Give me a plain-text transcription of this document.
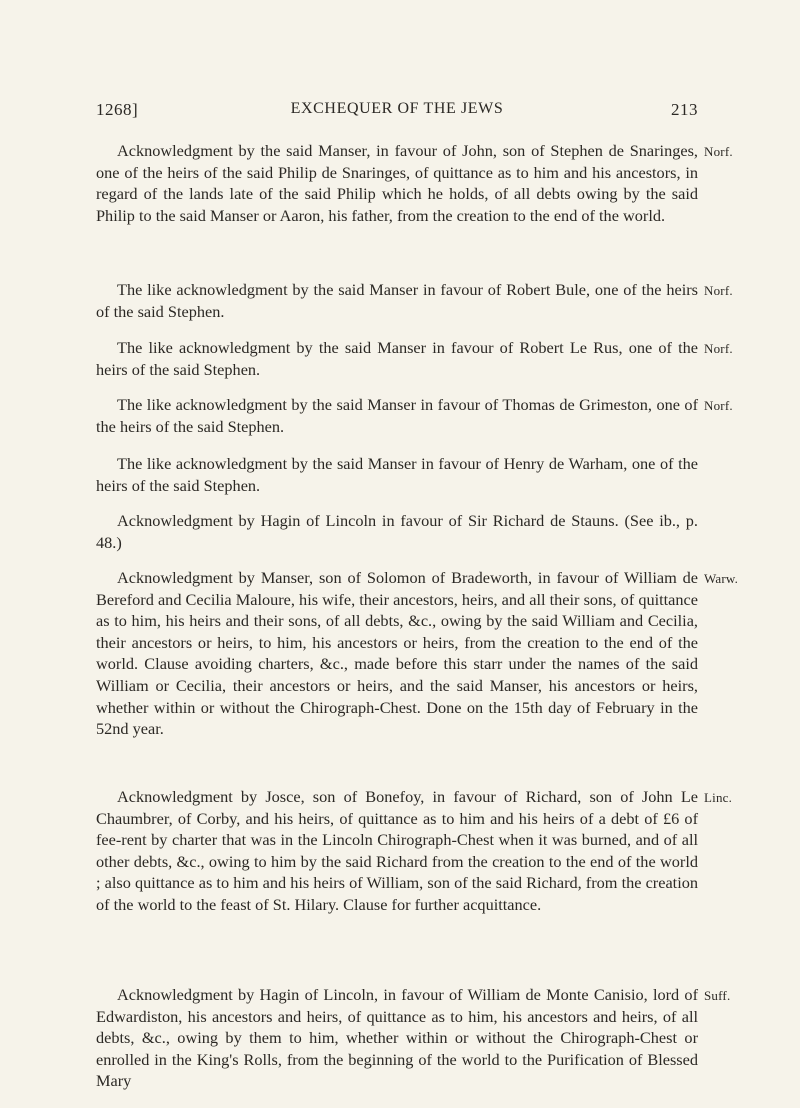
1268]	EXCHEQUER OF THE JEWS	213
Acknowledgment by the said Manser, in favour of John, son of Stephen de Snaringes, one of the heirs of the said Philip de Snaringes, of quittance as to him and his ancestors, in regard of the lands late of the said Philip which he holds, of all debts owing by the said Philip to the said Manser or Aaron, his father, from the creation to the end of the world.
Norf.
The like acknowledgment by the said Manser in favour of Robert Bule, one of the heirs of the said Stephen.
Norf.
The like acknowledgment by the said Manser in favour of Robert Le Rus, one of the heirs of the said Stephen.
Norf.
The like acknowledgment by the said Manser in favour of Thomas de Grimeston, one of the heirs of the said Stephen.
Norf.
The like acknowledgment by the said Manser in favour of Henry de Warham, one of the heirs of the said Stephen.
Acknowledgment by Hagin of Lincoln in favour of Sir Richard de Stauns. (See ib., p. 48.)
Acknowledgment by Manser, son of Solomon of Bradeworth, in favour of William de Bereford and Cecilia Maloure, his wife, their ancestors, heirs, and all their sons, of quittance as to him, his heirs and their sons, of all debts, &c., owing by the said William and Cecilia, their ancestors or heirs, to him, his ancestors or heirs, from the creation to the end of the world. Clause avoiding charters, &c., made before this starr under the names of the said William or Cecilia, their ancestors or heirs, and the said Manser, his ancestors or heirs, whether within or without the Chirograph-Chest. Done on the 15th day of February in the 52nd year.
Warw.
Acknowledgment by Josce, son of Bonefoy, in favour of Richard, son of John Le Chaumbrer, of Corby, and his heirs, of quittance as to him and his heirs of a debt of £6 of fee-rent by charter that was in the Lincoln Chirograph-Chest when it was burned, and of all other debts, &c., owing to him by the said Richard from the creation to the end of the world ; also quittance as to him and his heirs of William, son of the said Richard, from the creation of the world to the feast of St. Hilary. Clause for further acquittance.
Linc.
Acknowledgment by Hagin of Lincoln, in favour of William de Monte Canisio, lord of Edwardiston, his ancestors and heirs, of quittance as to him, his ancestors and heirs, of all debts, &c., owing by them to him, whether within or without the Chirograph-Chest or enrolled in the King's Rolls, from the beginning of the world to the Purification of Blessed Mary
Suff.
